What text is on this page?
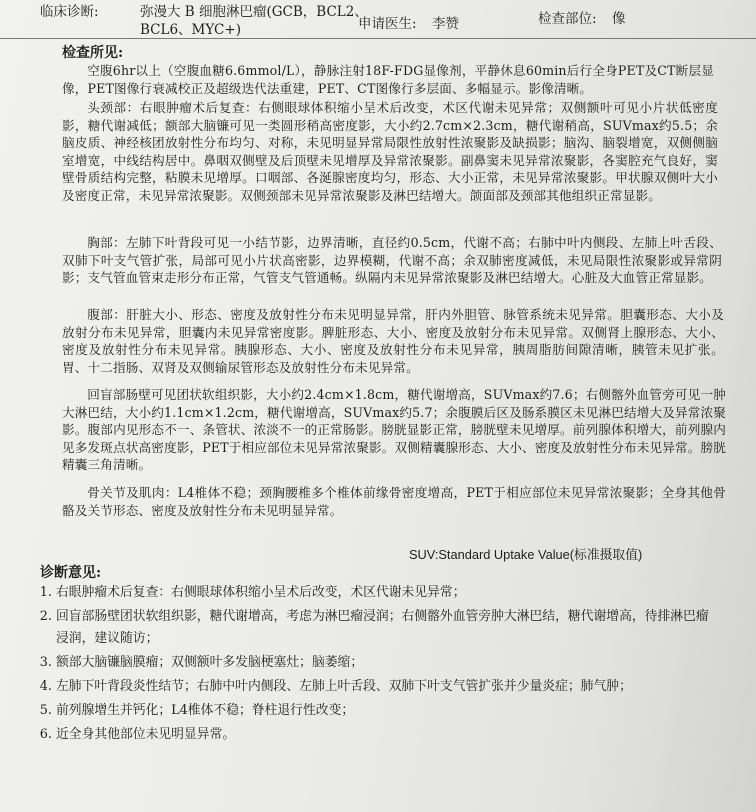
临床诊断:	弥漫大 B 细胞淋巴瘤(GCB，BCL2、
BCL6、MYC+)	申请医生: 李赞	检查部位: 像
检查所见:

空腹6hr以上（空腹血糖6.6mmol/L），静脉注射18F-FDG显像剂，平静休息60min后行全身PET及CT断层显像，PET图像行衰减校正及超级迭代法重建，PET、CT图像行多层面、多幅显示。影像清晰。

头颈部：右眼肿瘤术后复查：右侧眼球体积缩小呈术后改变，术区代谢未见异常；双侧额叶可见小片状低密度影，糖代谢减低；额部大脑镰可见一类圆形稍高密度影，大小约2.7cm×2.3cm，糖代谢稍高，SUVmax约5.5；余脑皮质、神经核团放射性分布均匀、对称，未见明显异常局限性放射性浓聚影及缺损影；脑沟、脑裂增宽，双侧侧脑室增宽，中线结构居中。鼻咽双侧壁及后顶壁未见增厚及异常浓聚影。副鼻窦未见异常浓聚影，各窦腔充气良好，窦壁骨质结构完整，粘膜未见增厚。口咽部、各涎腺密度均匀，形态、大小正常，未见异常浓聚影。甲状腺双侧叶大小及密度正常，未见异常浓聚影。双侧颈部未见异常浓聚影及淋巴结增大。颌面部及颈部其他组织正常显影。

胸部：左肺下叶背段可见一小结节影，边界清晰，直径约0.5cm，代谢不高；右肺中叶内侧段、左肺上叶舌段、双肺下叶支气管扩张，局部可见小片状高密影，边界模糊，代谢不高；余双肺密度减低，未见局限性浓聚影或异常阴影；支气管血管束走形分布正常，气管支气管通畅。纵隔内未见异常浓聚影及淋巴结增大。心脏及大血管正常显影。

腹部：肝脏大小、形态、密度及放射性分布未见明显异常，肝内外胆管、脉管系统未见异常。胆囊形态、大小及放射分布未见异常，胆囊内未见异常密度影。脾脏形态、大小、密度及放射分布未见异常。双侧肾上腺形态、大小、密度及放射性分布未见异常。胰腺形态、大小、密度及放射性分布未见异常，胰周脂肪间隙清晰，胰管未见扩张。胃、十二指肠、双肾及双侧输尿管形态及放射性分布未见异常。

回盲部肠壁可见团状软组织影，大小约2.4cm×1.8cm，糖代谢增高，SUVmax约7.6；右侧髂外血管旁可见一肿大淋巴结，大小约1.1cm×1.2cm，糖代谢增高，SUVmax约5.7；余腹膜后区及肠系膜区未见淋巴结增大及异常浓聚影。腹部内见形态不一、条管状、浓淡不一的正常肠影。膀胱显影正常，膀胱壁未见增厚。前列腺体积增大，前列腺内见多发斑点状高密度影，PET于相应部位未见异常浓聚影。双侧精囊腺形态、大小、密度及放射性分布未见异常。膀胱精囊三角清晰。

骨关节及肌肉：L4椎体不稳；颈胸腰椎多个椎体前缘骨密度增高，PET于相应部位未见异常浓聚影；全身其他骨骼及关节形态、密度及放射性分布未见明显异常。

SUV:Standard Uptake Value(标准摄取值)
诊断意见:
1. 右眼肿瘤术后复查：右侧眼球体积缩小呈术后改变，术区代谢未见异常；
2. 回盲部肠壁团状软组织影，糖代谢增高，考虑为淋巴瘤浸润；右侧髂外血管旁肿大淋巴结，糖代谢增高，待排淋巴瘤浸润，建议随访；
3. 额部大脑镰脑膜瘤；双侧额叶多发脑梗塞灶；脑萎缩；
4. 左肺下叶背段炎性结节；右肺中叶内侧段、左肺上叶舌段、双肺下叶支气管扩张并少量炎症；肺气肿；
5. 前列腺增生并钙化；L4椎体不稳；脊柱退行性改变；
6. 近全身其他部位未见明显异常。
